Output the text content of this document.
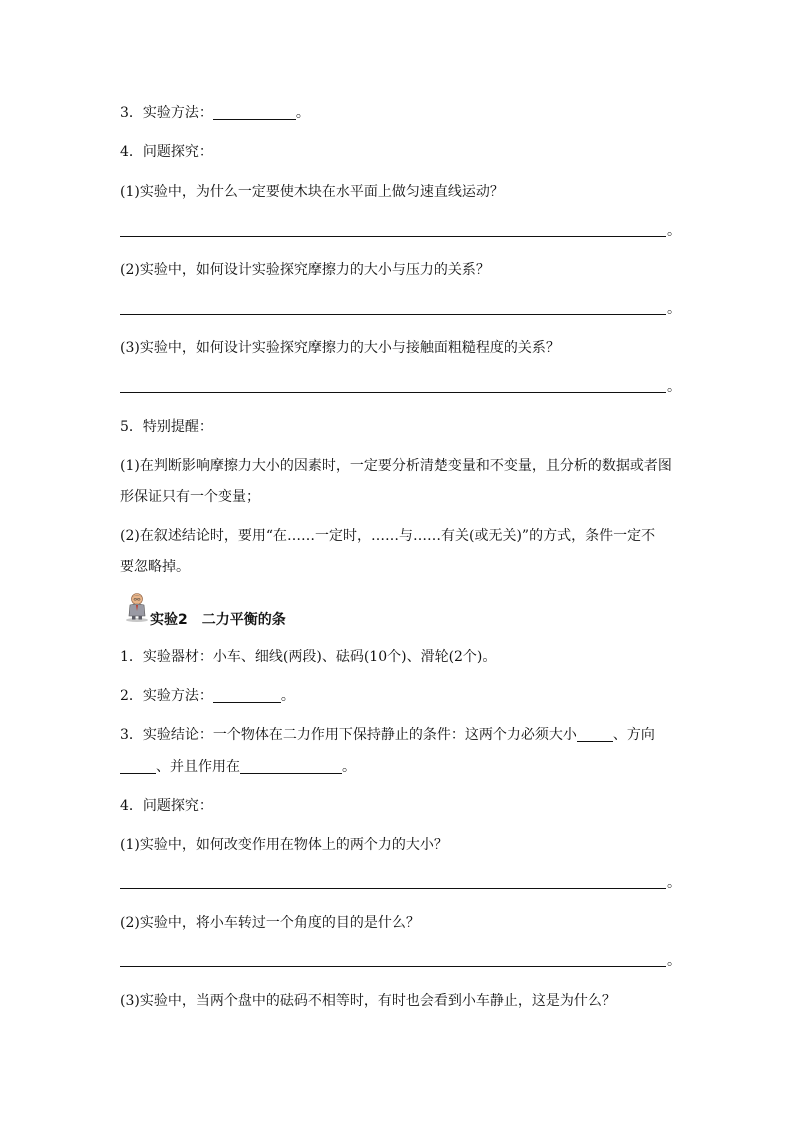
3．实验方法：	。
4．问题探究：
(1)实验中，为什么一定要使木块在水平面上做匀速直线运动？
。
(2)实验中，如何设计实验探究摩擦力的大小与压力的关系？
。
(3)实验中，如何设计实验探究摩擦力的大小与接触面粗糙程度的关系？
。
5．特别提醒：
(1)在判断影响摩擦力大小的因素时，一定要分析清楚变量和不变量，且分析的数据或者图
形保证只有一个变量；
(2)在叙述结论时，要用“在……一定时，……与……有关(或无关)”的方式，条件一定不
要忽略掉。
实验2　二力平衡的条
1．实验器材：小车、细线(两段)、砝码(10个)、滑轮(2个)。
2．实验方法：	。
3．实验结论：一个物体在二力作用下保持静止的条件：这两个力必须大小	、方向
、并且作用在	。
4．问题探究：
(1)实验中，如何改变作用在物体上的两个力的大小？
。
(2)实验中，将小车转过一个角度的目的是什么？
。
(3)实验中，当两个盘中的砝码不相等时，有时也会看到小车静止，这是为什么？
